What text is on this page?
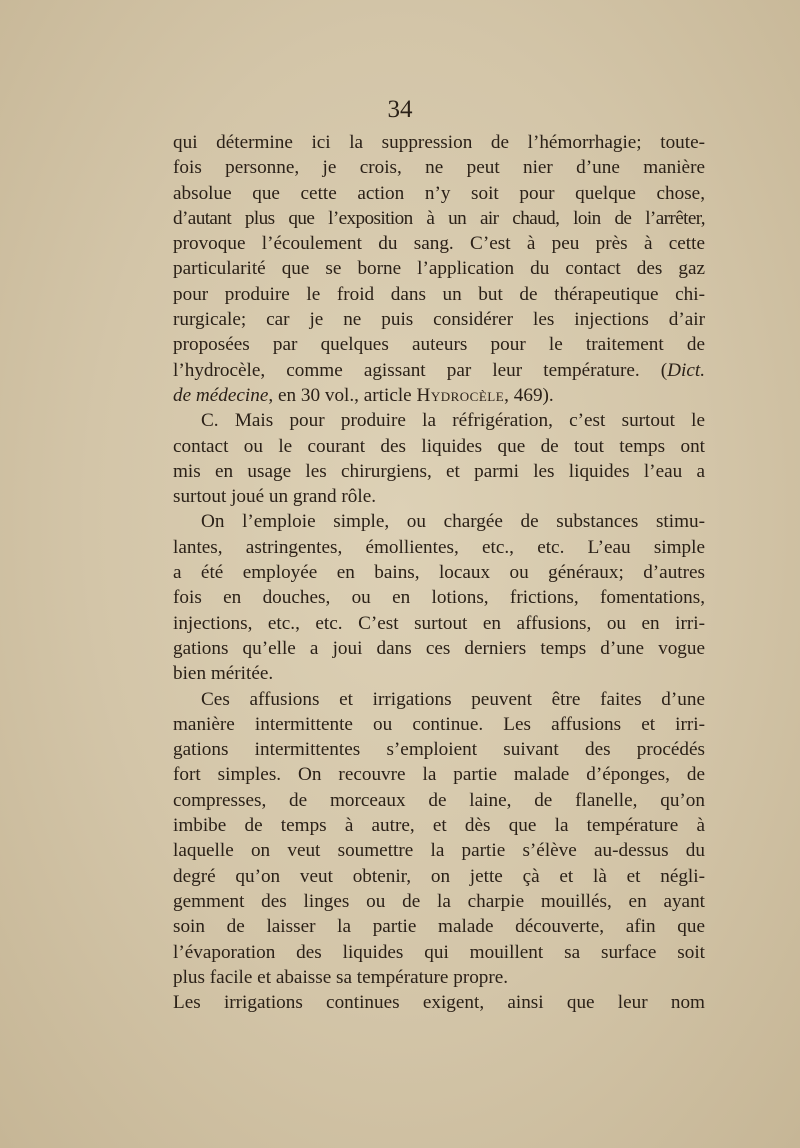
34

qui détermine ici la suppression de l’hémorrhagie; toute-
fois personne, je crois, ne peut nier d’une manière
absolue que cette action n’y soit pour quelque chose,
d’autant plus que l’exposition à un air chaud, loin de l’arrêter,
provoque l’écoulement du sang. C’est à peu près à cette
particularité que se borne l’application du contact des gaz
pour produire le froid dans un but de thérapeutique chi-
rurgicale; car je ne puis considérer les injections d’air
proposées par quelques auteurs pour le traitement de
l’hydrocèle, comme agissant par leur température. (Dict.
de médecine, en 30 vol., article Hydrocèle, 469).

C. Mais pour produire la réfrigération, c’est surtout le
contact ou le courant des liquides que de tout temps ont
mis en usage les chirurgiens, et parmi les liquides l’eau a
surtout joué un grand rôle.

On l’emploie simple, ou chargée de substances stimu-
lantes, astringentes, émollientes, etc., etc. L’eau simple
a été employée en bains, locaux ou généraux; d’autres
fois en douches, ou en lotions, frictions, fomentations,
injections, etc., etc. C’est surtout en affusions, ou en irri-
gations qu’elle a joui dans ces derniers temps d’une vogue
bien méritée.

Ces affusions et irrigations peuvent être faites d’une
manière intermittente ou continue. Les affusions et irri-
gations intermittentes s’emploient suivant des procédés
fort simples. On recouvre la partie malade d’éponges, de
compresses, de morceaux de laine, de flanelle, qu’on
imbibe de temps à autre, et dès que la température à
laquelle on veut soumettre la partie s’élève au-dessus du
degré qu’on veut obtenir, on jette çà et là et négli-
gemment des linges ou de la charpie mouillés, en ayant
soin de laisser la partie malade découverte, afin que
l’évaporation des liquides qui mouillent sa surface soit
plus facile et abaisse sa température propre.

Les irrigations continues exigent, ainsi que leur nom
